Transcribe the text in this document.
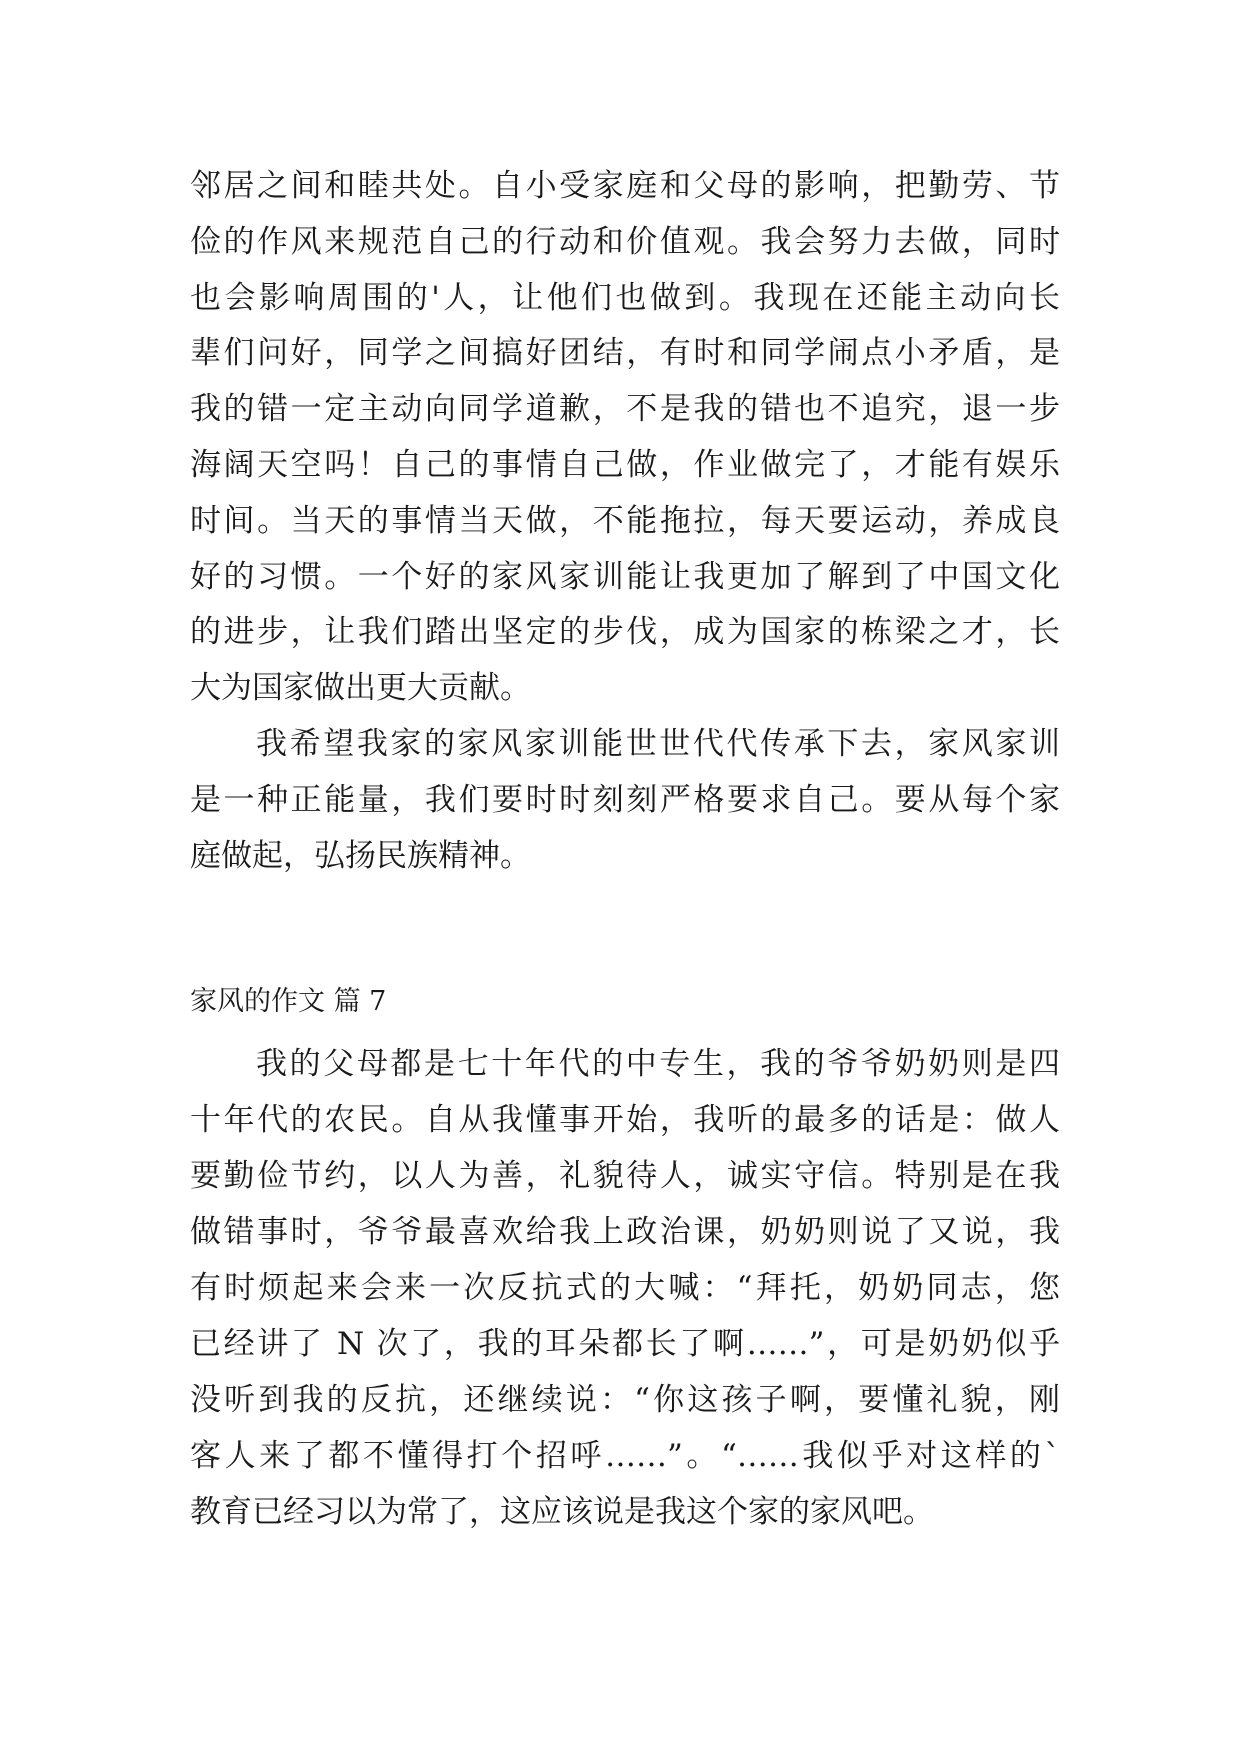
邻居之间和睦共处。自小受家庭和父母的影响，把勤劳、节
俭的作风来规范自己的行动和价值观。我会努力去做，同时
也会影响周围的'人，让他们也做到。我现在还能主动向长
辈们问好，同学之间搞好团结，有时和同学闹点小矛盾，是
我的错一定主动向同学道歉，不是我的错也不追究，退一步
海阔天空吗！自己的事情自己做，作业做完了，才能有娱乐
时间。当天的事情当天做，不能拖拉，每天要运动，养成良
好的习惯。一个好的家风家训能让我更加了解到了中国文化
的进步，让我们踏出坚定的步伐，成为国家的栋梁之才，长
大为国家做出更大贡献。
我希望我家的家风家训能世世代代传承下去，家风家训
是一种正能量，我们要时时刻刻严格要求自己。要从每个家
庭做起，弘扬民族精神。
家风的作文 篇 7
我的父母都是七十年代的中专生，我的爷爷奶奶则是四
十年代的农民。自从我懂事开始，我听的最多的话是：做人
要勤俭节约，以人为善，礼貌待人，诚实守信。特别是在我
做错事时，爷爷最喜欢给我上政治课，奶奶则说了又说，我
有时烦起来会来一次反抗式的大喊：“拜托，奶奶同志，您
已经讲了 N 次了，我的耳朵都长了啊……”，可是奶奶似乎
没听到我的反抗，还继续说：“你这孩子啊，要懂礼貌，刚
客人来了都不懂得打个招呼……”。“……我似乎对这样的`
教育已经习以为常了，这应该说是我这个家的家风吧。
